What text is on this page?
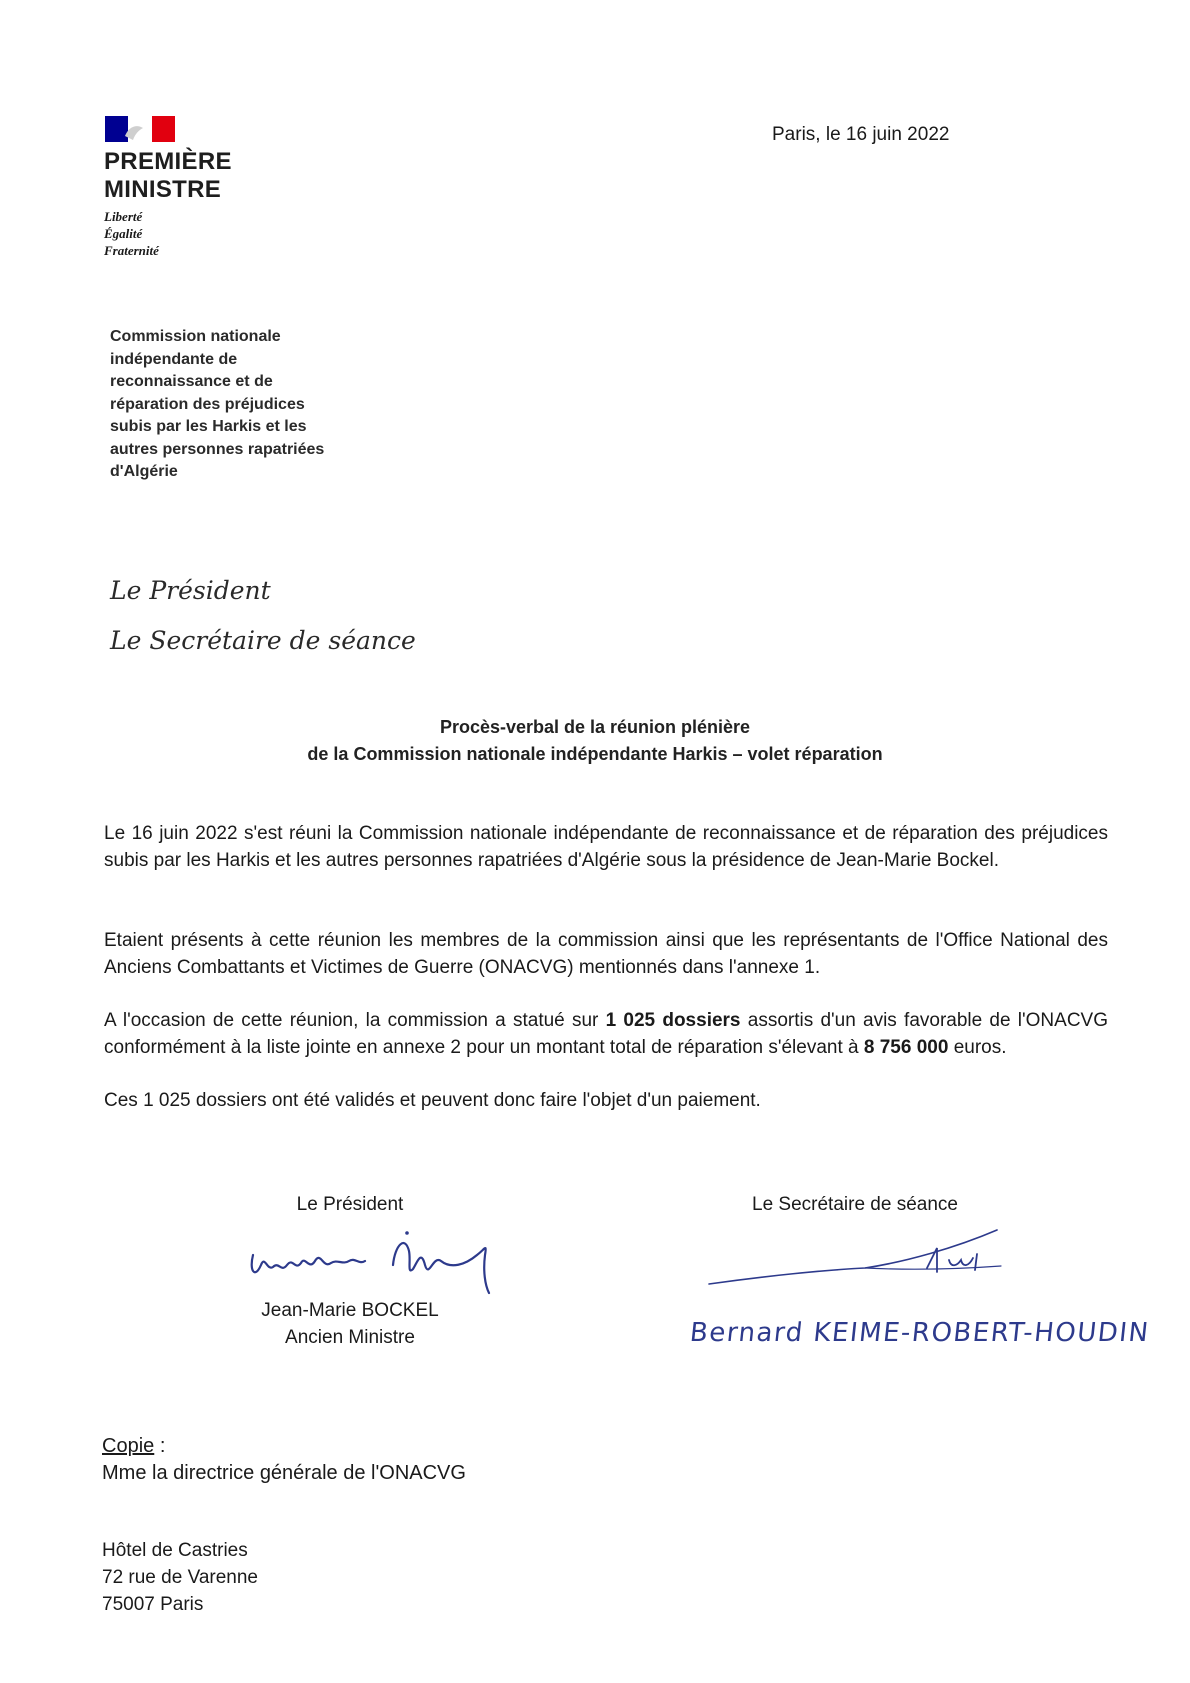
PREMIÈRE
MINISTRE
Liberté
Égalité
Fraternité
Paris, le 16 juin 2022
Commission nationale indépendante de reconnaissance et de réparation des préjudices subis par les Harkis et les autres personnes rapatriées d'Algérie
Le Président
Le Secrétaire de séance
Procès-verbal de la réunion plénière
de la Commission nationale indépendante Harkis – volet réparation
Le 16 juin 2022 s'est réuni la Commission nationale indépendante de reconnaissance et de réparation des préjudices subis par les Harkis et les autres personnes rapatriées d'Algérie sous la présidence de Jean-Marie Bockel.
Etaient présents à cette réunion les membres de la commission ainsi que les représentants de l'Office National des Anciens Combattants et Victimes de Guerre (ONACVG) mentionnés dans l'annexe 1.
A l'occasion de cette réunion, la commission a statué sur 1 025 dossiers assortis d'un avis favorable de l'ONACVG conformément à la liste jointe en annexe 2 pour un montant total de réparation s'élevant à 8 756 000 euros.
Ces 1 025 dossiers ont été validés et peuvent donc faire l'objet d'un paiement.
Le Président	Le Secrétaire de séance
Jean-Marie BOCKEL
Ancien Ministre	Bernard KEIME-ROBERT-HOUDIN
Copie :
Mme la directrice générale de l'ONACVG
Hôtel de Castries
72 rue de Varenne
75007 Paris
